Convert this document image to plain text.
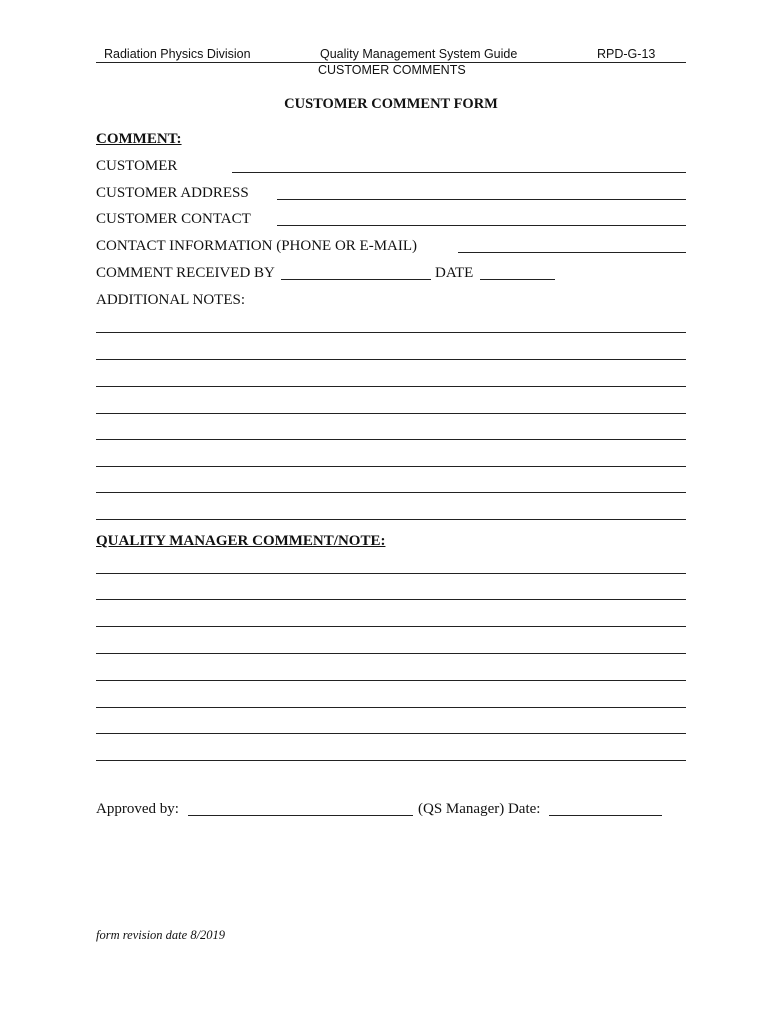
Radiation Physics Division	Quality Management System Guide	RPD-G-13
CUSTOMER COMMENTS
CUSTOMER COMMENT FORM
COMMENT:
CUSTOMER
CUSTOMER ADDRESS
CUSTOMER CONTACT
CONTACT INFORMATION (PHONE OR E-MAIL)
COMMENT RECEIVED BY	DATE
ADDITIONAL NOTES:
QUALITY MANAGER COMMENT/NOTE:
Approved by:	(QS Manager) Date:
form revision date 8/2019
